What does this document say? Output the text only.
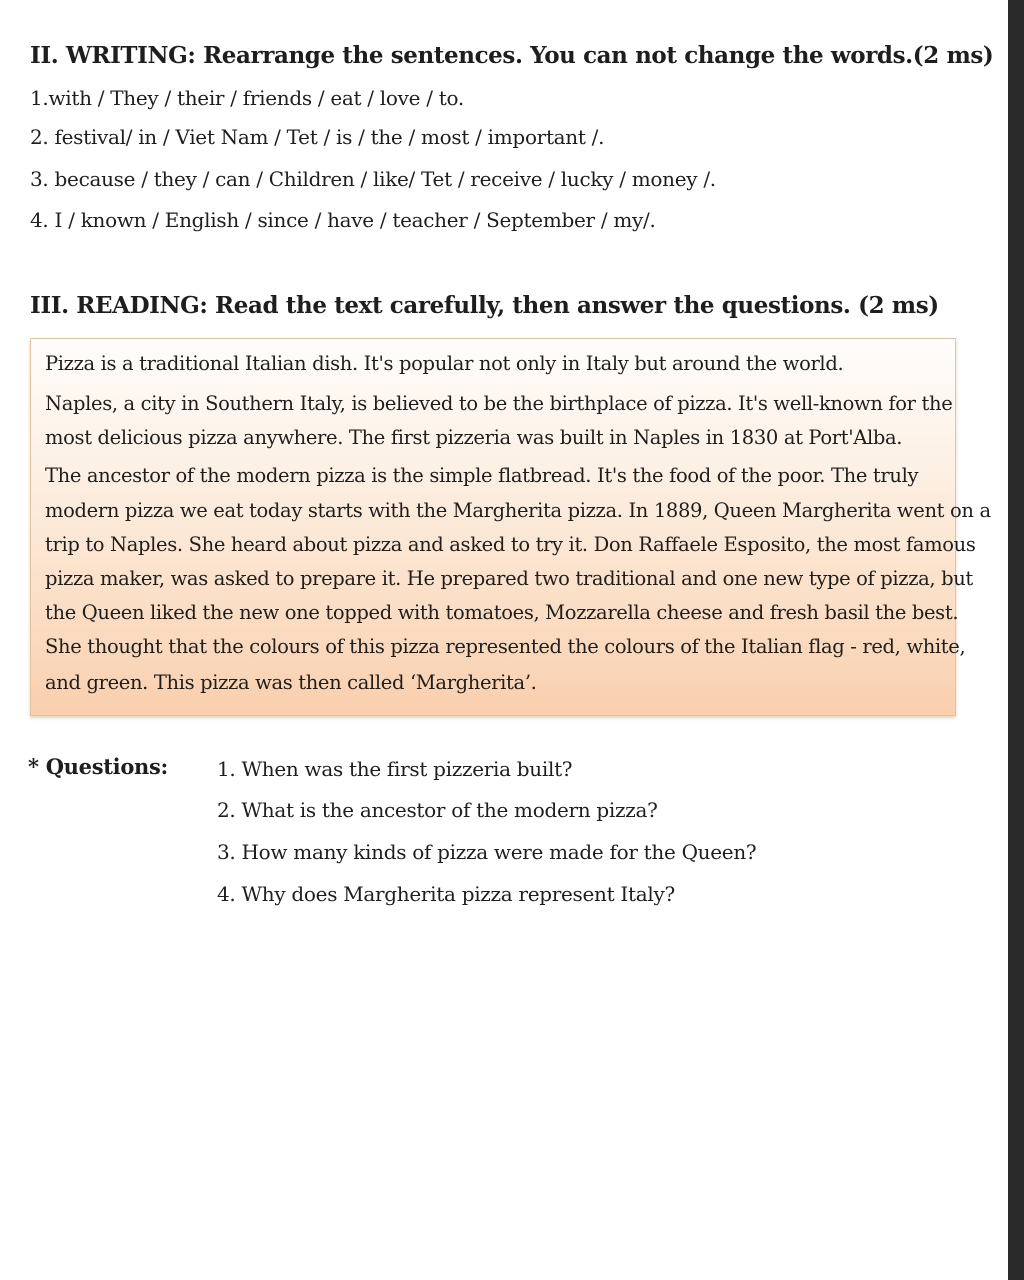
II. WRITING: Rearrange the sentences. You can not change the words.(2 ms)

1.with / They / their / friends / eat / love / to.

2. festival/ in / Viet Nam / Tet / is / the / most / important /.

3. because / they / can / Children / like/ Tet / receive / lucky / money /.

4. I / known / English / since / have / teacher / September / my/.

III. READING: Read the text carefully, then answer the questions. (2 ms)

Pizza is a traditional Italian dish. It's popular not only in Italy but around the world.

Naples, a city in Southern Italy, is believed to be the birthplace of pizza. It's well-known for the

most delicious pizza anywhere. The first pizzeria was built in Naples in 1830 at Port'Alba.

The ancestor of the modern pizza is the simple flatbread. It's the food of the poor. The truly

modern pizza we eat today starts with the Margherita pizza. In 1889, Queen Margherita went on a

trip to Naples. She heard about pizza and asked to try it. Don Raffaele Esposito, the most famous

pizza maker, was asked to prepare it. He prepared two traditional and one new type of pizza, but

the Queen liked the new one topped with tomatoes, Mozzarella cheese and fresh basil the best.

She thought that the colours of this pizza represented the colours of the Italian flag - red, white,

and green. This pizza was then called ‘Margherita’.

* Questions: 1. When was the first pizzeria built?

2. What is the ancestor of the modern pizza?

3. How many kinds of pizza were made for the Queen?

4. Why does Margherita pizza represent Italy?
